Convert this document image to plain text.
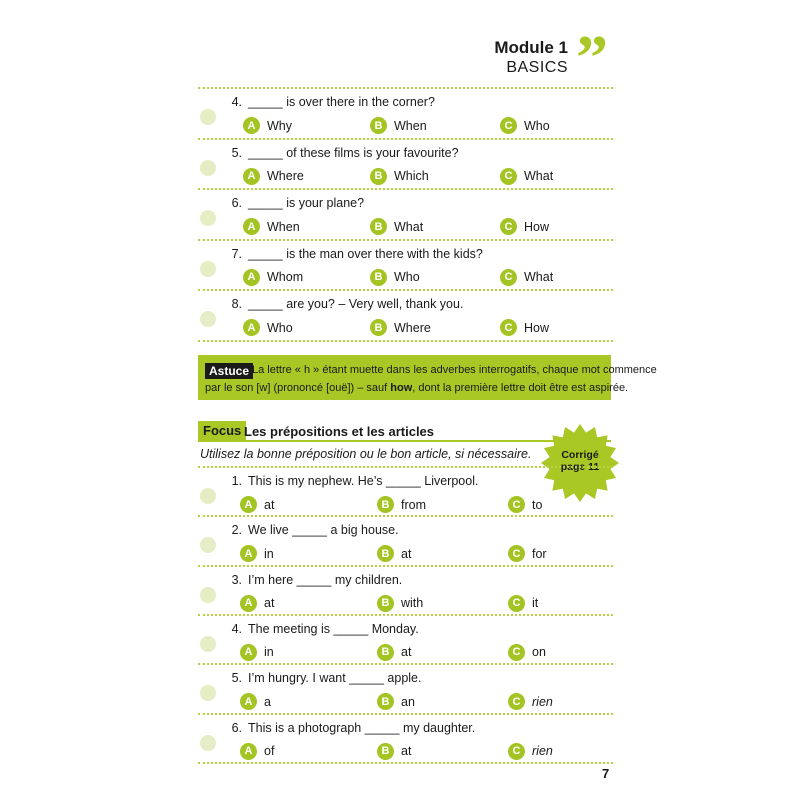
Module 1
BASICS ”
4. _____ is over there in the corner?
A Why	B When	C Who
5. _____ of these films is your favourite?
A Where	B Which	C What
6. _____ is your plane?
A When	B What	C How
7. _____ is the man over there with the kids?
A Whom	B Who	C What
8. _____ are you? – Very well, thank you.
A Who	B Where	C How
Astuce La lettre « h » étant muette dans les adverbes interrogatifs, chaque mot commence
par le son [w] (prononcé [ouë]) – sauf how, dont la première lettre doit être est aspirée.
Focus Les prépositions et les articles
Utilisez la bonne préposition ou le bon article, si nécessaire.	Corrigé
page 11
1. This is my nephew. He’s _____ Liverpool.
A at	B from	C to
2. We live _____ a big house.
A in	B at	C for
3. I’m here _____ my children.
A at	B with	C it
4. The meeting is _____ Monday.
A in	B at	C on
5. I’m hungry. I want _____ apple.
A a	B an	C rien
6. This is a photograph _____ my daughter.
A of	B at	C rien
7
